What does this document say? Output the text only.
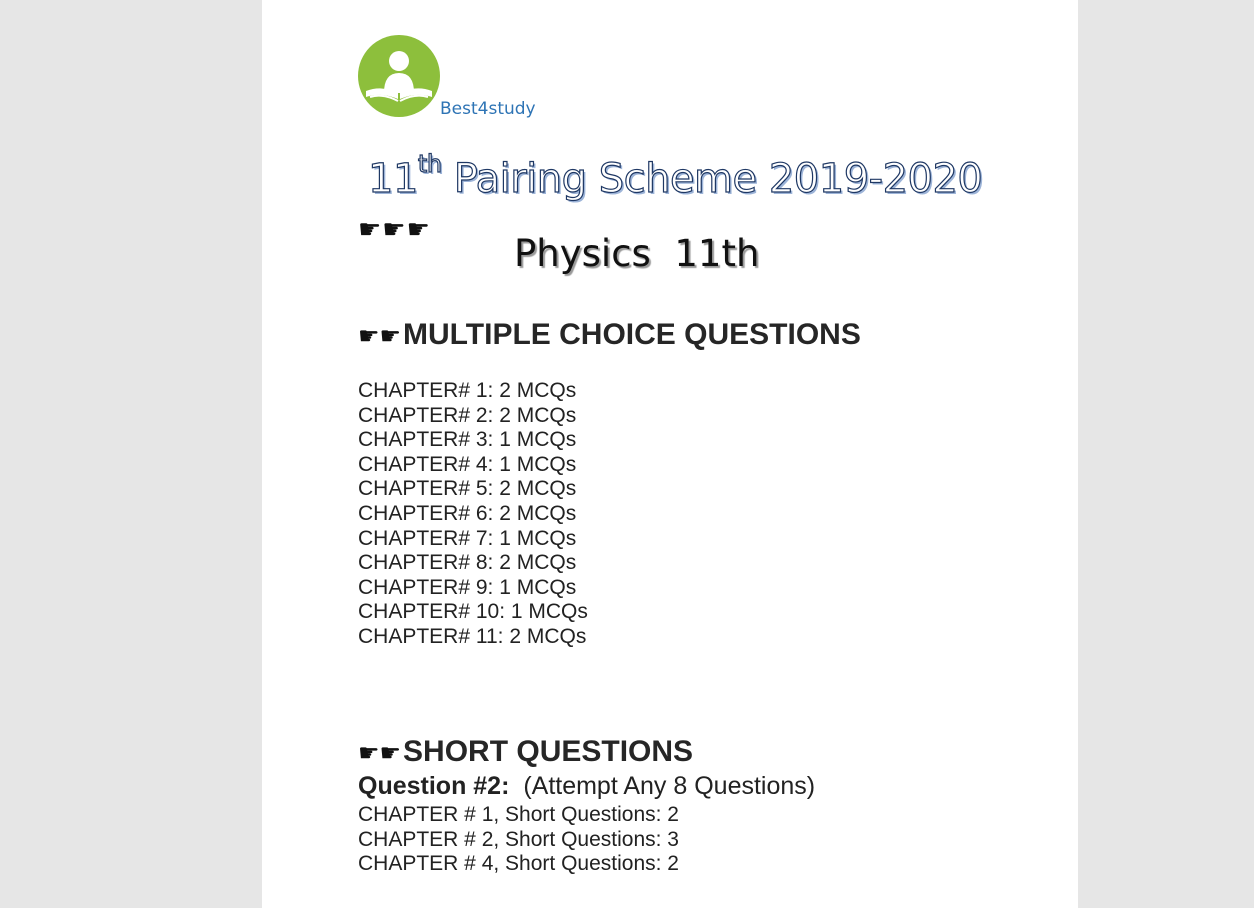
Best4study
11th Pairing Scheme 2019-2020
☛☛☛
Physics  11th
☛☛ MULTIPLE CHOICE QUESTIONS
CHAPTER# 1: 2 MCQs
CHAPTER# 2: 2 MCQs
CHAPTER# 3: 1 MCQs
CHAPTER# 4: 1 MCQs
CHAPTER# 5: 2 MCQs
CHAPTER# 6: 2 MCQs
CHAPTER# 7: 1 MCQs
CHAPTER# 8: 2 MCQs
CHAPTER# 9: 1 MCQs
CHAPTER# 10: 1 MCQs
CHAPTER# 11: 2 MCQs
☛☛ SHORT QUESTIONS
Question #2:  (Attempt Any 8 Questions)
CHAPTER # 1, Short Questions: 2
CHAPTER # 2, Short Questions: 3
CHAPTER # 4, Short Questions: 2
